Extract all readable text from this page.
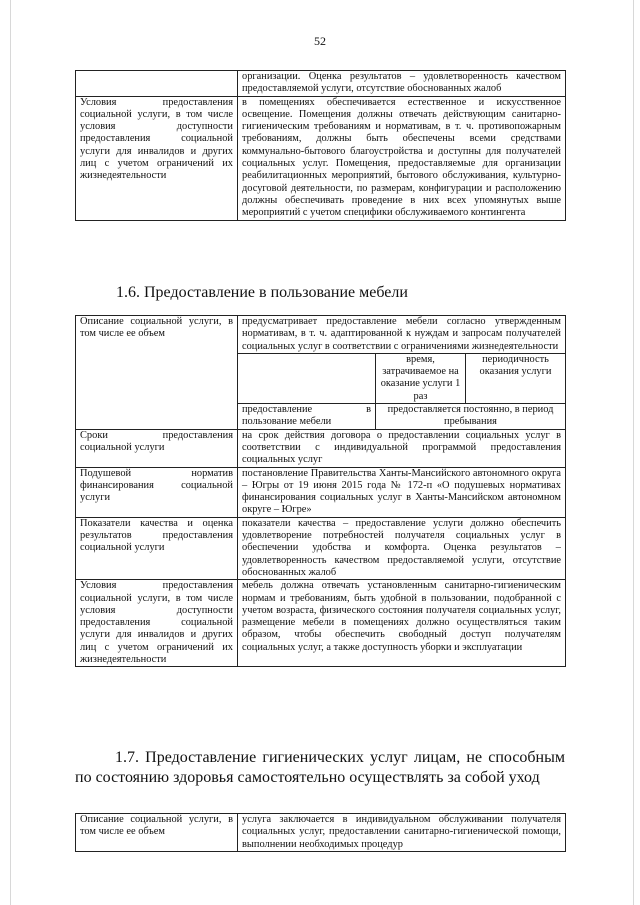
52
	организации. Оценка результатов – удовлетворенность качеством предоставляемой услуги, отсутствие обоснованных жалоб
Условия предоставления социальной услуги, в том числе условия доступности предоставления социальной услуги для инвалидов и других лиц с учетом ограничений их жизнедеятельности	в помещениях обеспечивается естественное и искусственное освещение. Помещения должны отвечать действующим санитарно-гигиеническим требованиям и нормативам, в т. ч. противопожарным требованиям, должны быть обеспечены всеми средствами коммунально-бытового благоустройства и доступны для получателей социальных услуг. Помещения, предоставляемые для организации реабилитационных мероприятий, бытового обслуживания, культурно-досуговой деятельности, по размерам, конфигурации и расположению должны обеспечивать проведение в них всех упомянутых выше мероприятий с учетом специфики обслуживаемого контингента
1.6. Предоставление в пользование мебели
Описание социальной услуги, в том числе ее объем	предусматривает предоставление мебели согласно утвержденным нормативам, в т. ч. адаптированной к нуждам и запросам получателей социальных услуг в соответствии с ограничениями жизнедеятельности		
		время, затрачиваемое на оказание услуги 1 раз	периодичность оказания услуги
	предоставление в пользование мебели	предоставляется постоянно, в период пребывания	
Сроки предоставления социальной услуги	на срок действия договора о предоставлении социальных услуг в соответствии с индивидуальной программой предоставления социальных услуг		
Подушевой норматив финансирования социальной услуги	постановление Правительства Ханты-Мансийского автономного округа – Югры от 19 июня 2015 года № 172-п «О подушевых нормативах финансирования социальных услуг в Ханты-Мансийском автономном округе – Югре»		
Показатели качества и оценка результатов предоставления социальной услуги	показатели качества – предоставление услуги должно обеспечить удовлетворение потребностей получателя социальных услуг в обеспечении удобства и комфорта. Оценка результатов – удовлетворенность качеством предоставляемой услуги, отсутствие обоснованных жалоб		
Условия предоставления социальной услуги, в том числе условия доступности предоставления социальной услуги для инвалидов и других лиц с учетом ограничений их жизнедеятельности	мебель должна отвечать установленным санитарно-гигиеническим нормам и требованиям, быть удобной в пользовании, подобранной с учетом возраста, физического состояния получателя социальных услуг, размещение мебели в помещениях должно осуществляться таким образом, чтобы обеспечить свободный доступ получателям социальных услуг, а также доступность уборки и эксплуатации		
1.7. Предоставление гигиенических услуг лицам, не способным по состоянию здоровья самостоятельно осуществлять за собой уход
Описание социальной услуги, в том числе ее объем	услуга заключается в индивидуальном обслуживании получателя социальных услуг, предоставлении санитарно-гигиенической помощи, выполнении необходимых процедур
